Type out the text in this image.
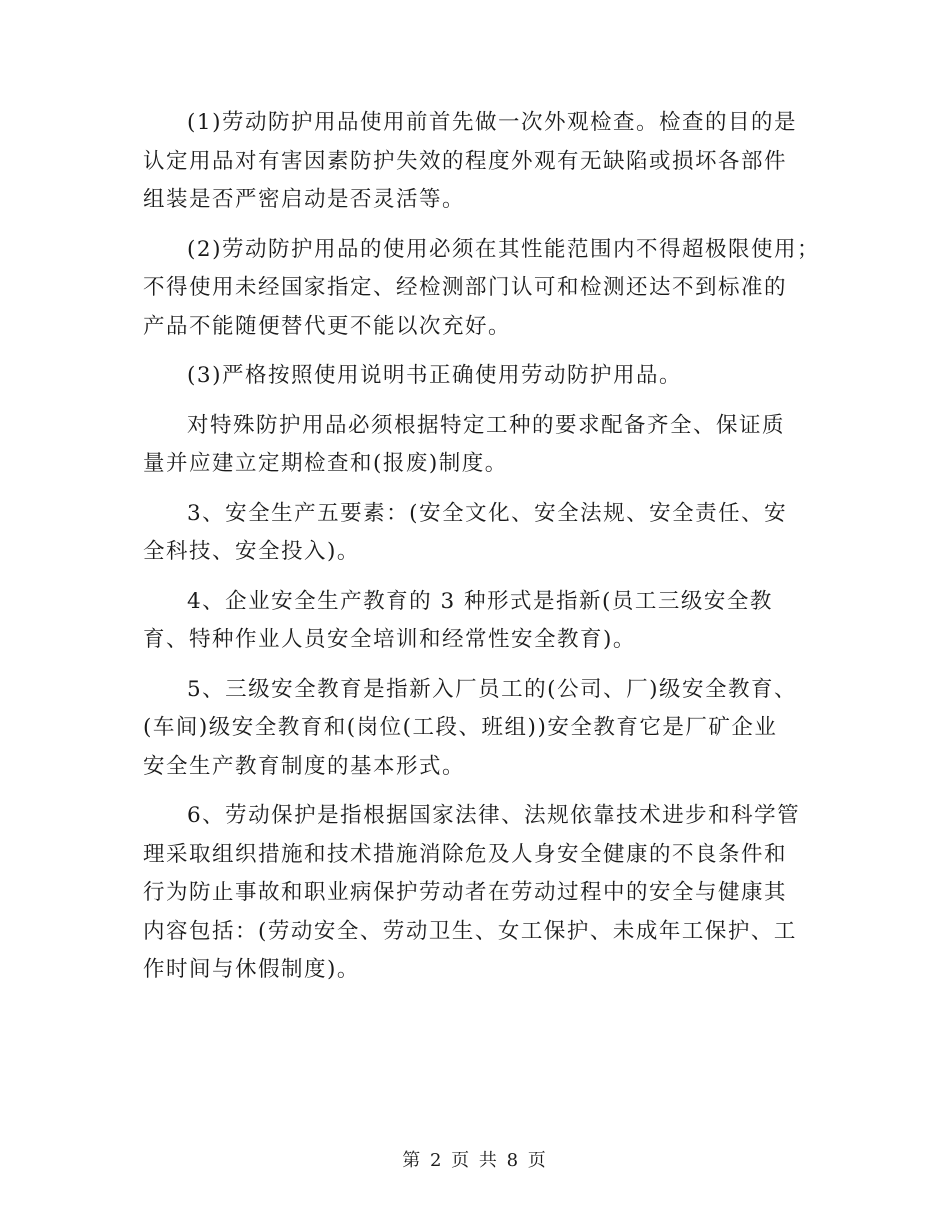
(1)劳动防护用品使用前首先做一次外观检查。检查的目的是
认定用品对有害因素防护失效的程度外观有无缺陷或损坏各部件
组装是否严密启动是否灵活等。

(2)劳动防护用品的使用必须在其性能范围内不得超极限使用；
不得使用未经国家指定、经检测部门认可和检测还达不到标准的
产品不能随便替代更不能以次充好。

(3)严格按照使用说明书正确使用劳动防护用品。

对特殊防护用品必须根据特定工种的要求配备齐全、保证质
量并应建立定期检查和(报废)制度。

3、安全生产五要素：(安全文化、安全法规、安全责任、安
全科技、安全投入)。

4、企业安全生产教育的 3 种形式是指新(员工三级安全教
育、特种作业人员安全培训和经常性安全教育)。

5、三级安全教育是指新入厂员工的(公司、厂)级安全教育、
(车间)级安全教育和(岗位(工段、班组))安全教育它是厂矿企业
安全生产教育制度的基本形式。

6、劳动保护是指根据国家法律、法规依靠技术进步和科学管
理采取组织措施和技术措施消除危及人身安全健康的不良条件和
行为防止事故和职业病保护劳动者在劳动过程中的安全与健康其
内容包括：(劳动安全、劳动卫生、女工保护、未成年工保护、工
作时间与休假制度)。

第 2 页 共 8 页
